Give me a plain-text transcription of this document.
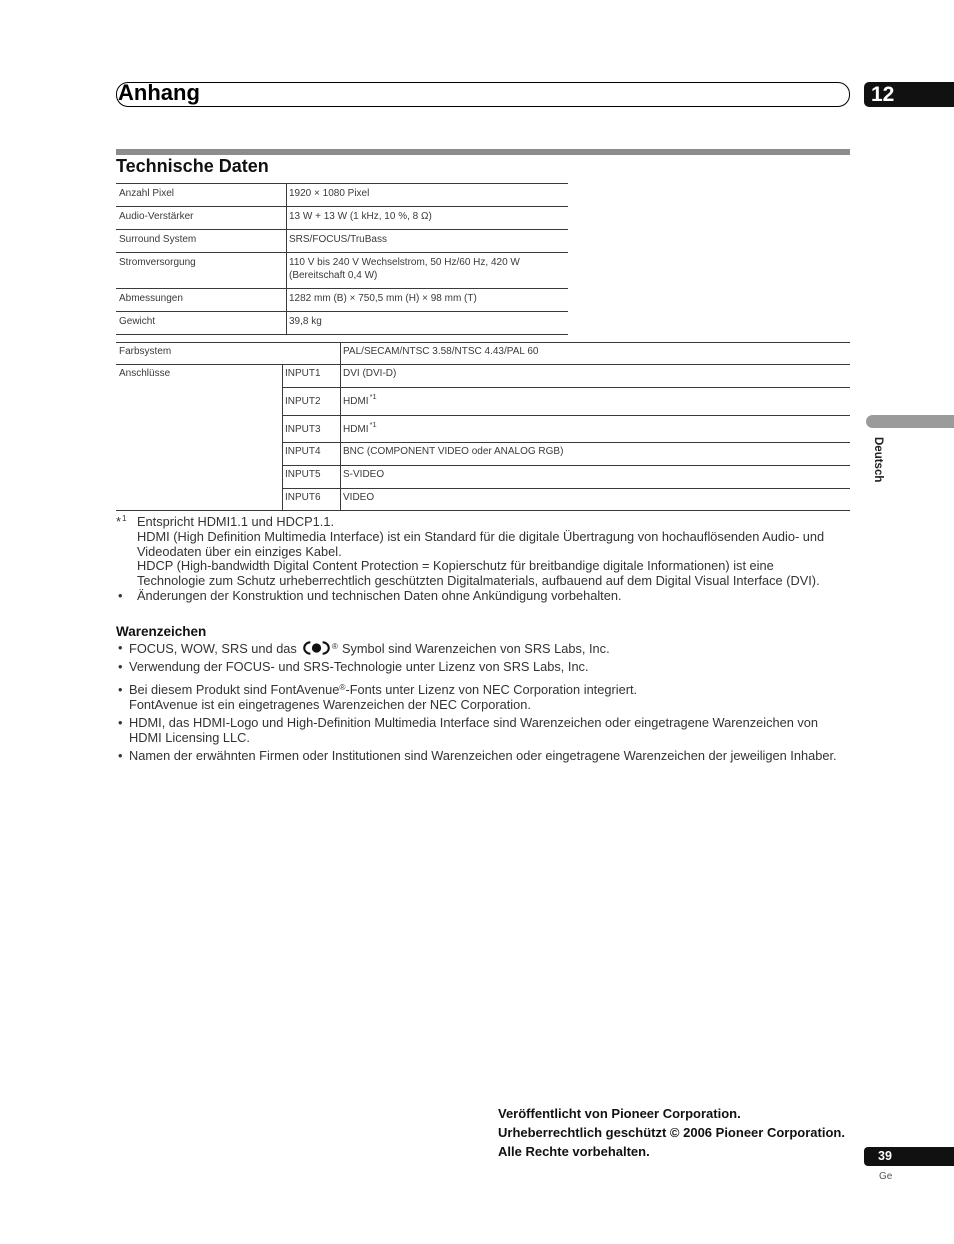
Anhang	12
Technische Daten
Anzahl Pixel	1920 × 1080 Pixel
Audio-Verstärker	13 W + 13 W (1 kHz, 10 %, 8 Ω)
Surround System	SRS/FOCUS/TruBass
Stromversorgung	110 V bis 240 V Wechselstrom, 50 Hz/60 Hz, 420 W
(Bereitschaft 0,4 W)
Abmessungen	1282 mm (B) × 750,5 mm (H) × 98 mm (T)
Gewicht	39,8 kg
Farbsystem	PAL/SECAM/NTSC 3.58/NTSC 4.43/PAL 60
Anschlüsse	INPUT1 DVI (DVI-D)
INPUT2 HDMI$^{*1}$
INPUT3 HDMI$^{*1}$
INPUT4 BNC (COMPONENT VIDEO oder ANALOG RGB)
INPUT5 S-VIDEO
INPUT6 VIDEO
*$^1$ Entspricht HDMI1.1 und HDCP1.1.
HDMI (High Definition Multimedia Interface) ist ein Standard für die digitale Übertragung von hochauflösenden Audio- und
Videodaten über ein einziges Kabel.
HDCP (High-bandwidth Digital Content Protection = Kopierschutz für breitbandige digitale Informationen) ist eine
Technologie zum Schutz urheberrechtlich geschützten Digitalmaterials, aufbauend auf dem Digital Visual Interface (DVI).
• Änderungen der Konstruktion und technischen Daten ohne Ankündigung vorbehalten.
Warenzeichen
• FOCUS, WOW, SRS und das	® Symbol sind Warenzeichen von SRS Labs, Inc.
• Verwendung der FOCUS- und SRS-Technologie unter Lizenz von SRS Labs, Inc.
• Bei diesem Produkt sind FontAvenue®-Fonts unter Lizenz von NEC Corporation integriert.
FontAvenue ist ein eingetragenes Warenzeichen der NEC Corporation.
• HDMI, das HDMI-Logo und High-Definition Multimedia Interface sind Warenzeichen oder eingetragene Warenzeichen von
HDMI Licensing LLC.
• Namen der erwähnten Firmen oder Institutionen sind Warenzeichen oder eingetragene Warenzeichen der jeweiligen Inhaber.
Deutsch
Veröffentlicht von Pioneer Corporation.
Urheberrechtlich geschützt © 2006 Pioneer Corporation.
Alle Rechte vorbehalten.	39
Ge
